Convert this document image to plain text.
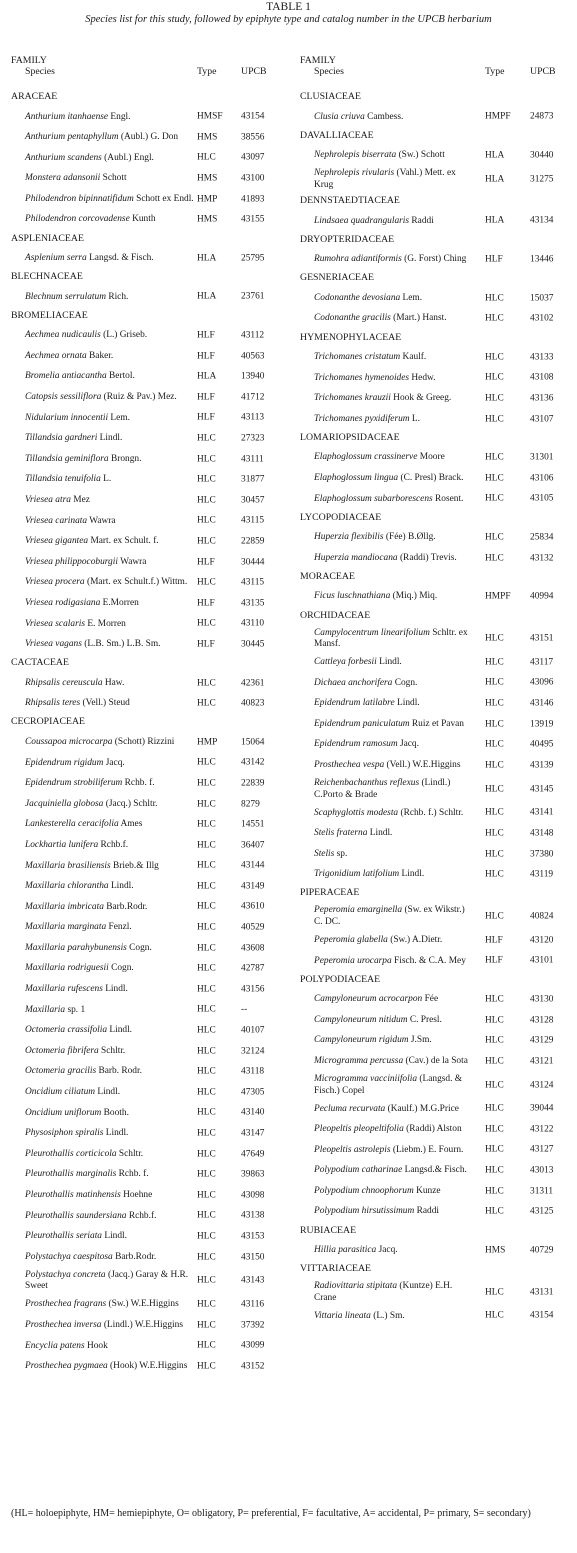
TABLE 1
Species list for this study, followed by epiphyte type and catalog number in the UPCB herbarium
FAMILY
Species	Type	UPCB
ARACEAE
Anthurium itanhaense Engl.	HMSF 43154
Anthurium pentaphyllum (Aubl.) G. Don	HMS	38556
Anthurium scandens (Aubl.) Engl.	HLC	43097
Monstera adansonii Schott	HMS	43100
Philodendron bipinnatifidum Schott ex Endl. HMP	41893
Philodendron corcovadense Kunth	HMS	43155
ASPLENIACEAE
Asplenium serra Langsd. & Fisch.	HLA	25795
BLECHNACEAE
Blechnum serrulatum Rich.	HLA	23761
BROMELIACEAE
Aechmea nudicaulis (L.) Griseb.	HLF	43112
Aechmea ornata Baker.	HLF	40563
Bromelia antiacantha Bertol.	HLA	13940
Catopsis sessiliflora (Ruiz & Pav.) Mez.	HLF	41712
Nidularium innocentii Lem.	HLF	43113
Tillandsia gardneri Lindl.	HLC	27323
Tillandsia geminiflora Brongn.	HLC	43111
Tillandsia tenuifolia L.	HLC	31877
Vriesea atra Mez	HLC	30457
Vriesea carinata Wawra	HLC	43115
Vriesea gigantea Mart. ex Schult. f.	HLC	22859
Vriesea philippocoburgii Wawra	HLF	30444
Vriesea procera (Mart. ex Schult.f.) Wittm.	HLC	43115
Vriesea rodigasiana E.Morren	HLF	43135
Vriesea scalaris E. Morren	HLC	43110
Vriesea vagans (L.B. Sm.) L.B. Sm.	HLF	30445
CACTACEAE
Rhipsalis cereuscula Haw.	HLC	42361
Rhipsalis teres (Vell.) Steud	HLC	40823
CECROPIACEAE
Coussapoa microcarpa (Schott) Rizzini	HMP	15064
Epidendrum rigidum Jacq.	HLC	43142
Epidendrum strobiliferum Rchb. f.	HLC	22839
Jacquiniella globosa (Jacq.) Schltr.	HLC	8279
Lankesterella ceracifolia Ames	HLC	14551
Lockhartia lunifera Rchb.f.	HLC	36407
Maxillaria brasiliensis Brieb.& Illg	HLC	43144
Maxillaria chlorantha Lindl.	HLC	43149
Maxillaria imbricata Barb.Rodr.	HLC	43610
Maxillaria marginata Fenzl.	HLC	40529
Maxillaria parahybunensis Cogn.	HLC	43608
Maxillaria rodriguesii Cogn.	HLC	42787
Maxillaria rufescens Lindl.	HLC	43156
Maxillaria sp. 1	HLC	--
Octomeria crassifolia Lindl.	HLC	40107
Octomeria fibrifera Schltr.	HLC	32124
Octomeria gracilis Barb. Rodr.	HLC	43118
Oncidium ciliatum Lindl.	HLC	47305
Oncidium uniflorum Booth.	HLC	43140
Physosiphon spiralis Lindl.	HLC	43147
Pleurothallis corticicola Schltr.	HLC	47649
Pleurothallis marginalis Rchb. f.	HLC	39863
Pleurothallis matinhensis Hoehne	HLC	43098
Pleurothallis saundersiana Rchb.f.	HLC	43138
Pleurothallis seriata Lindl.	HLC	43153
Polystachya caespitosa Barb.Rodr.	HLC	43150
Polystachya concreta (Jacq.) Garay & H.R. Sweet
HLC	43143
Prosthechea fragrans (Sw.) W.E.Higgins	HLC	43116
Prosthechea inversa (Lindl.) W.E.Higgins	HLC	37392
Encyclia patens Hook	HLC	43099
Prosthechea pygmaea (Hook) W.E.Higgins	HLC	43152
FAMILY
Species	Type	UPCB
CLUSIACEAE
Clusia criuva Cambess.	HMPF 24873
DAVALLIACEAE
Nephrolepis biserrata (Sw.) Schott	HLA	30440
Nephrolepis rivularis (Vahl.) Mett. ex Krug
HLA	31275
DENNSTAEDTIACEAE
Lindsaea quadrangularis Raddi	HLA	43134
DRYOPTERIDACEAE
Rumohra adiantiformis (G. Forst) Ching	HLF	13446
GESNERIACEAE
Codonanthe devosiana Lem.	HLC	15037
Codonanthe gracilis (Mart.) Hanst.	HLC	43102
HYMENOPHYLACEAE
Trichomanes cristatum Kaulf.	HLC	43133
Trichomanes hymenoides Hedw.	HLC	43108
Trichomanes krauzii Hook & Greeg.	HLC	43136
Trichomanes pyxidiferum L.	HLC	43107
LOMARIOPSIDACEAE
Elaphoglossum crassinerve Moore	HLC	31301
Elaphoglossum lingua (C. Presl) Brack.	HLC	43106
Elaphoglossum subarborescens Rosent.	HLC	43105
LYCOPODIACEAE
Huperzia flexibilis (Fée) B.Øllg.	HLC	25834
Huperzia mandiocana (Raddi) Trevis.	HLC	43132
MORACEAE
Ficus luschnathiana (Miq.) Miq.	HMPF 40994
ORCHIDACEAE
Campylocentrum linearifolium Schltr. ex Mansf.
HLC	43151
Cattleya forbesii Lindl.	HLC	43117
Dichaea anchorifera Cogn.	HLC	43096
Epidendrum latilabre Lindl.	HLC	43146
Epidendrum paniculatum Ruiz et Pavan	HLC	13919
Epidendrum ramosum Jacq.	HLC	40495
Prosthechea vespa (Vell.) W.E.Higgins	HLC	43139
Reichenbachanthus reflexus (Lindl.) C.Porto & Brade
HLC	43145
Scaphyglottis modesta (Rchb. f.) Schltr.	HLC	43141
Stelis fraterna Lindl.	HLC	43148
Stelis sp.	HLC	37380
Trigonidium latifolium Lindl.	HLC	43119
PIPERACEAE
Peperomia emarginella (Sw. ex Wikstr.) C. DC.
HLC	40824
Peperomia glabella (Sw.) A.Dietr.	HLF	43120
Peperomia urocarpa Fisch. & C.A. Mey	HLF	43101
POLYPODIACEAE
Campyloneurum acrocarpon Fée	HLC	43130
Campyloneurum nitidum C. Presl.	HLC	43128
Campyloneurum rigidum J.Sm.	HLC	43129
Microgramma percussa (Cav.) de la Sota	HLC	43121
Microgramma vacciniifolia (Langsd. & Fisch.) Copel
HLC	43124
Pecluma recurvata (Kaulf.) M.G.Price	HLC	39044
Pleopeltis pleopeltifolia (Raddi) Alston	HLC	43122
Pleopeltis astrolepis (Liebm.) E. Fourn.	HLC	43127
Polypodium catharinae Langsd.& Fisch.	HLC	43013
Polypodium chnoophorum Kunze	HLC	31311
Polypodium hirsutissimum Raddi	HLC	43125
RUBIACEAE
Hillia parasitica Jacq.	HMS	40729
VITTARIACEAE
Radiovittaria stipitata (Kuntze) E.H. Crane
HLC	43131
Vittaria lineata (L.) Sm.	HLC	43154
(HL= holoepiphyte, HM= hemiepiphyte, O= obligatory, P= preferential, F= facultative, A= accidental, P= primary, S= secondary)
